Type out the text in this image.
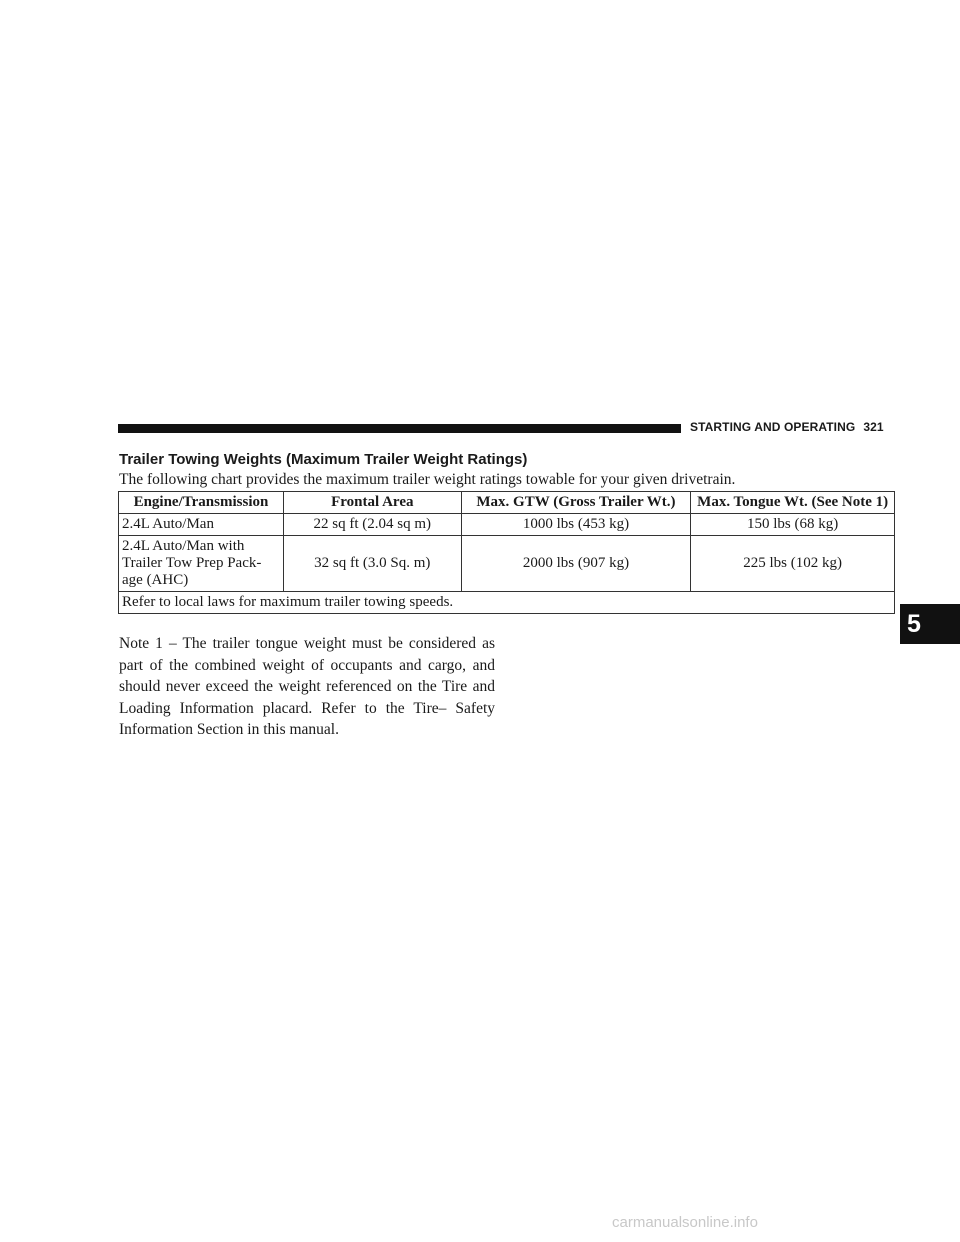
STARTING AND OPERATING 321
5
Trailer Towing Weights (Maximum Trailer Weight Ratings)

The following chart provides the maximum trailer weight ratings towable for your given drivetrain.

Engine/Transmission	Frontal Area	Max. GTW (Gross Trailer Wt.)	Max. Tongue Wt. (See Note 1)
2.4L Auto/Man	22 sq ft (2.04 sq m)	1000 lbs (453 kg)	150 lbs (68 kg)
2.4L Auto/Man with Trailer Tow Prep Pack- age (AHC)	32 sq ft (3.0 Sq. m)	2000 lbs (907 kg)	225 lbs (102 kg)
Refer to local laws for maximum trailer towing speeds.			

Note 1 – The trailer tongue weight must be considered as part of the combined weight of occupants and cargo, and should never exceed the weight referenced on the Tire and Loading Information placard. Refer to the Tire– Safety Information Section in this manual.

carmanualsonline.info
